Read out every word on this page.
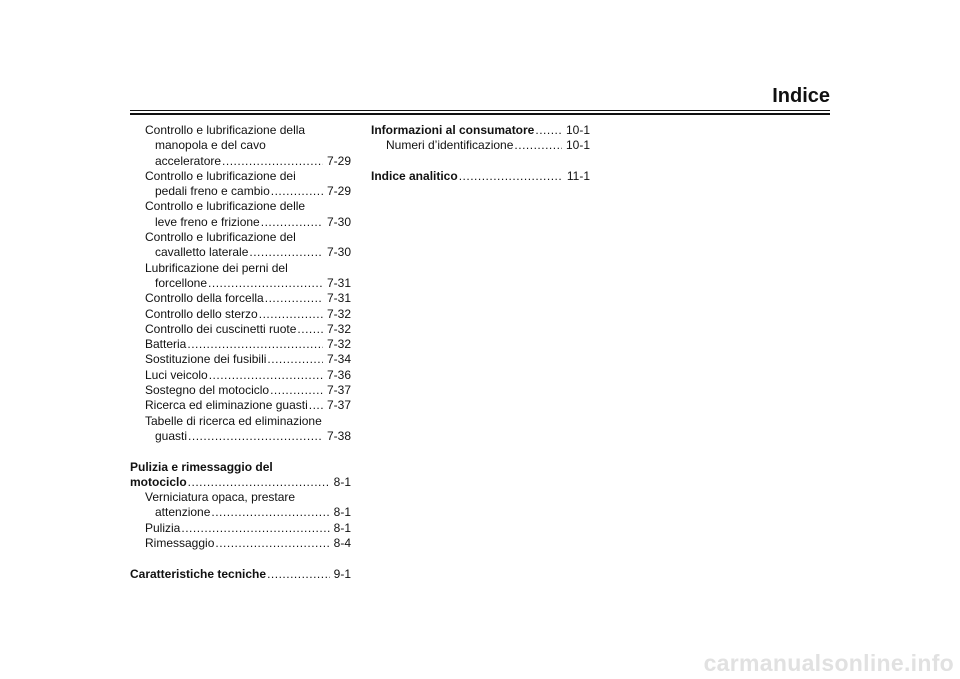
Indice
Controllo e lubrificazione della
manopola e del cavo
acceleratore .....	7-29
Controllo e lubrificazione dei
pedali freno e cambio .....	7-29
Controllo e lubrificazione delle
leve freno e frizione .....	7-30
Controllo e lubrificazione del
cavalletto laterale .....	7-30
Lubrificazione dei perni del
forcellone .....	7-31
Controllo della forcella .....	7-31
Controllo dello sterzo .....	7-32
Controllo dei cuscinetti ruote .....	7-32
Batteria .....	7-32
Sostituzione dei fusibili .....	7-34
Luci veicolo .....	7-36
Sostegno del motociclo .....	7-37
Ricerca ed eliminazione guasti ..... 7-37
Tabelle di ricerca ed eliminazione
guasti .....	7-38
Pulizia e rimessaggio del
motociclo .....	8-1
Verniciatura opaca, prestare
attenzione .....	8-1
Pulizia .....	8-1
Rimessaggio .....	8-4
Caratteristiche tecniche .....	9-1
Informazioni al consumatore .....	10-1
Numeri d’identificazione .....	10-1
Indice analitico .....	11-1
carmanualsonline.info
